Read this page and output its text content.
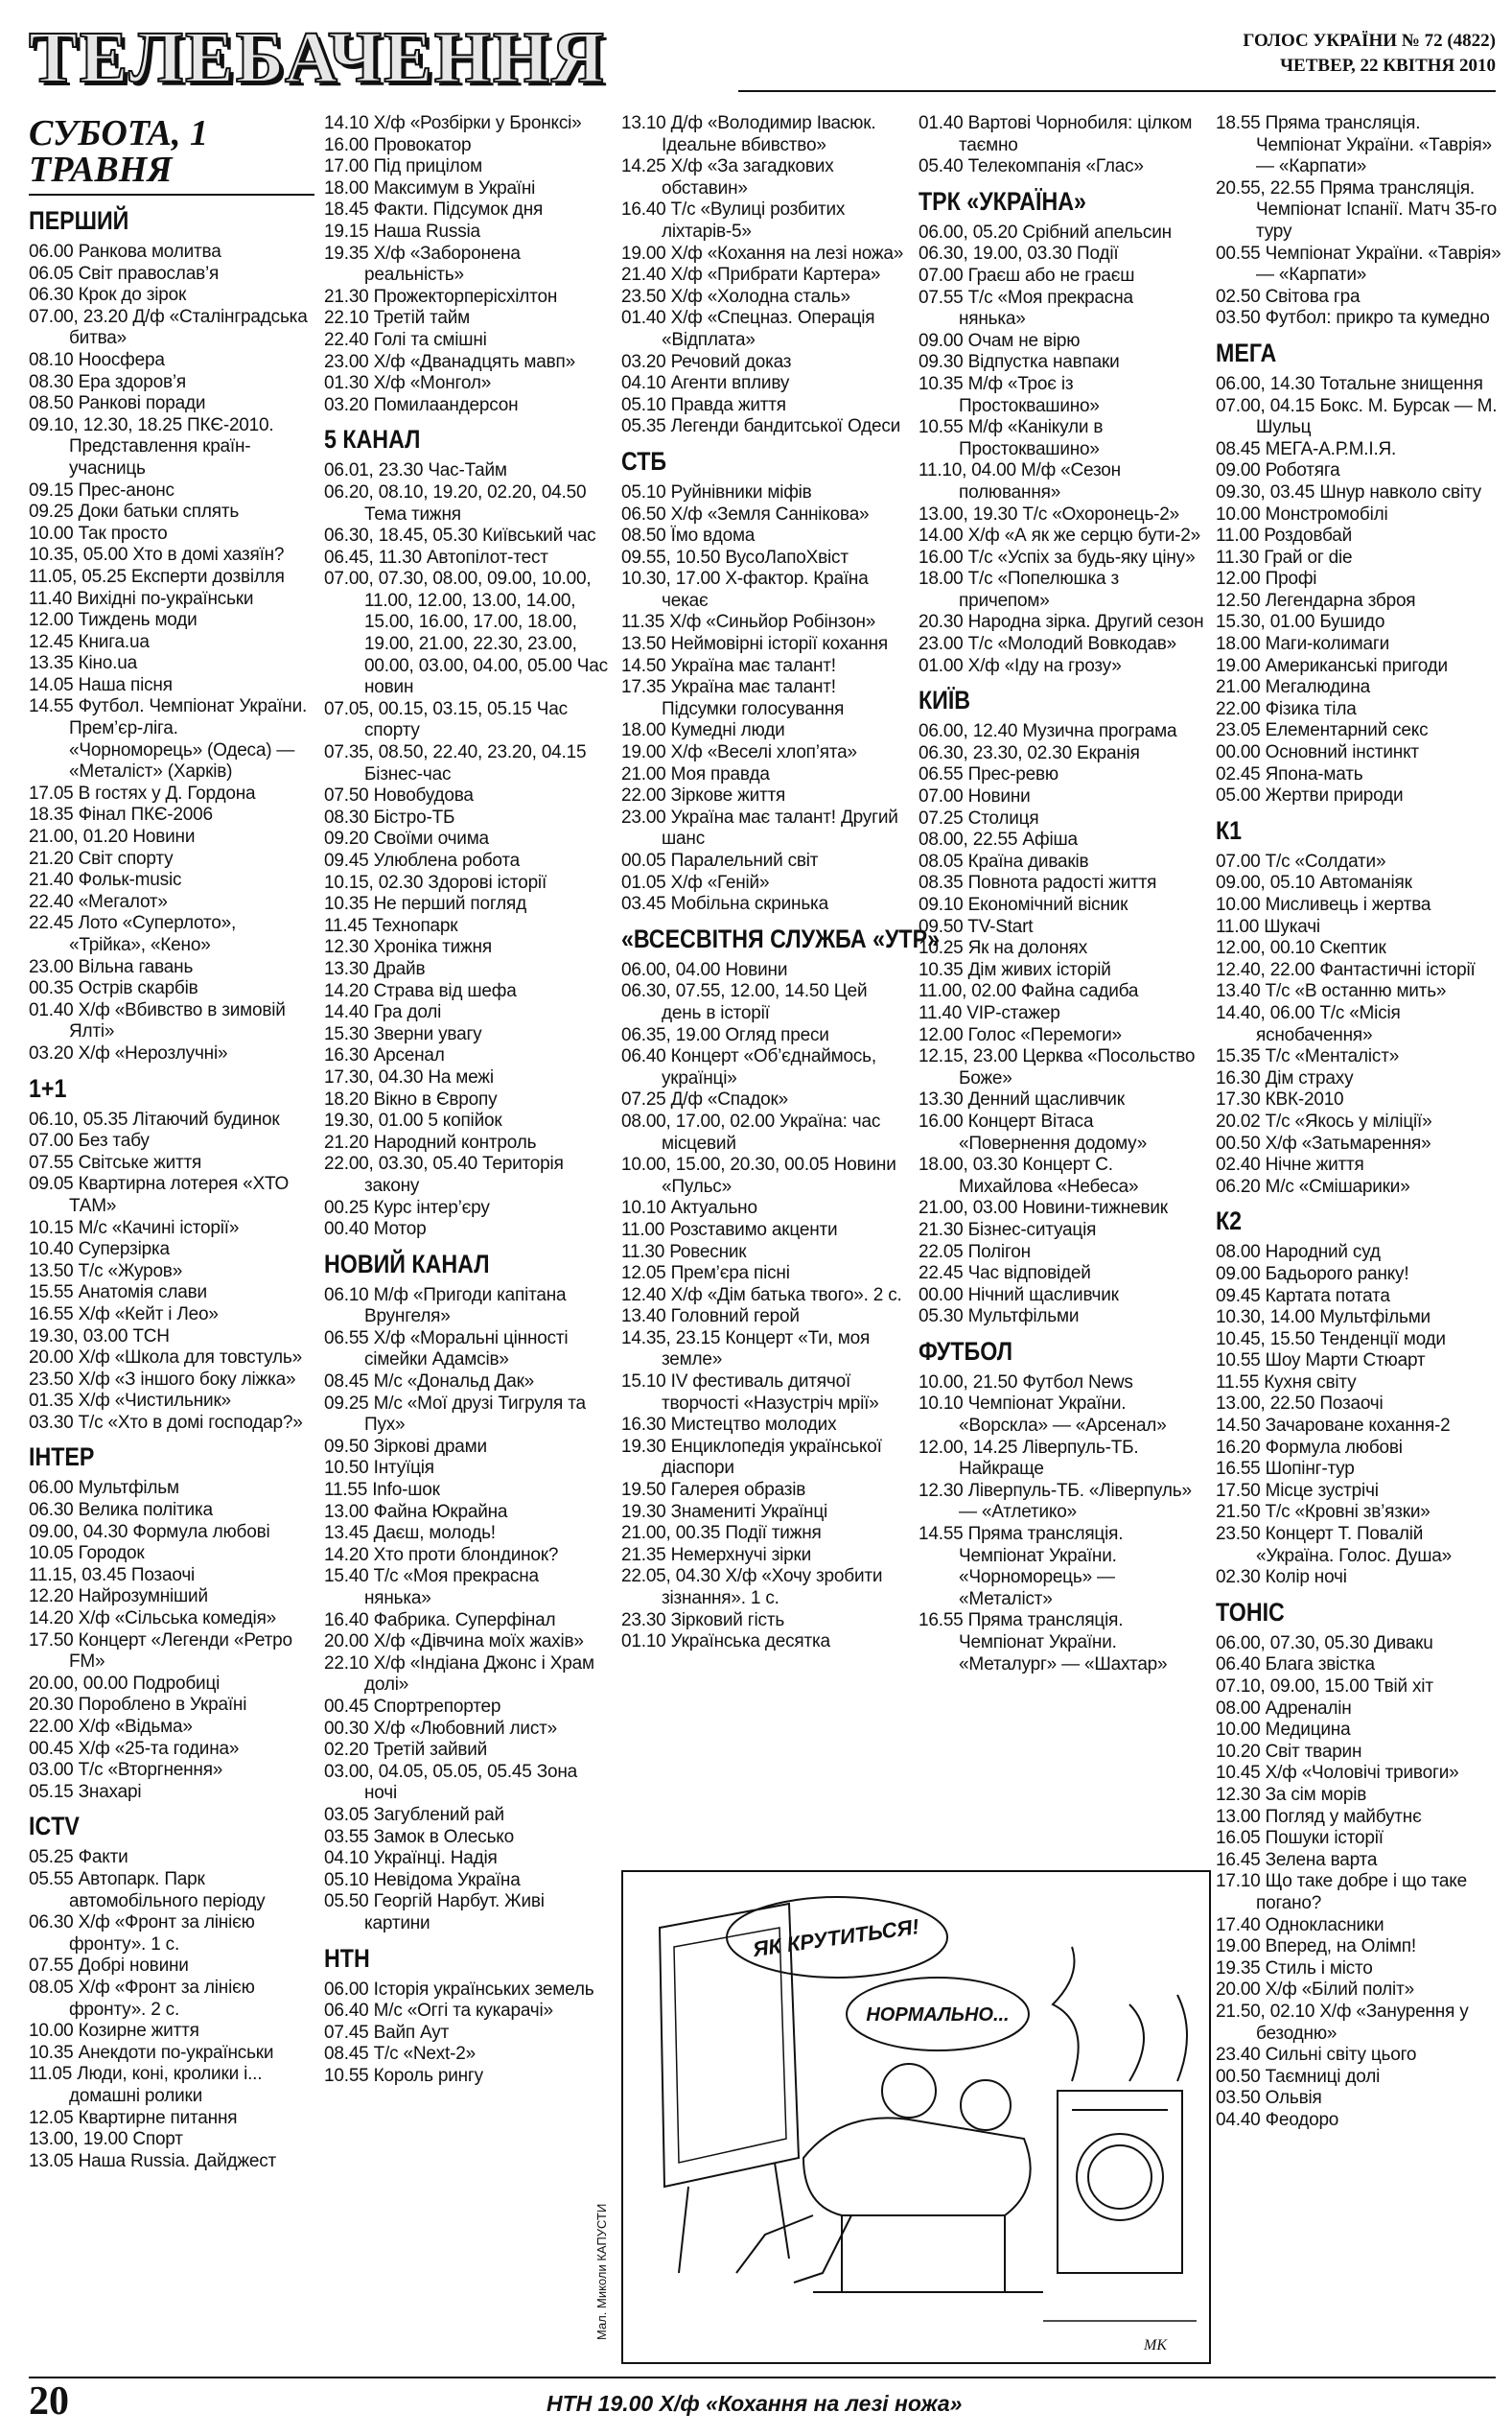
ТЕЛЕБАЧЕННЯ	ГОЛОС УКРАЇНИ № 72 (4822)
ЧЕТВЕР, 22 КВІТНЯ 2010
СУБОТА, 1 ТРАВНЯ
ПЕРШИЙ
06.00 Ранкова молитва
06.05 Світ православ’я
06.30 Крок до зірок
07.00, 23.20 Д/ф «Сталінградська битва»
08.10 Ноосфера
08.30 Ера здоров’я
08.50 Ранкові поради
09.10, 12.30, 18.25 ПКЄ-2010. Представлення країн-учасниць
09.15 Прес-анонс
09.25 Доки батьки сплять
10.00 Так просто
10.35, 05.00 Хто в домі хазяїн?
11.05, 05.25 Експерти дозвілля
11.40 Вихідні по-українськи
12.00 Тиждень моди
12.45 Книга.ua
13.35 Кіно.ua
14.05 Наша пісня
14.55 Футбол. Чемпіонат України. Прем’єр-ліга. «Чорноморець» (Одеса) — «Металіст» (Харків)
17.05 В гостях у Д. Гордона
18.35 Фінал ПКЄ-2006
21.00, 01.20 Новини
21.20 Світ спорту
21.40 Фольк-music
22.40 «Мегалот»
22.45 Лото «Суперлото», «Трійка», «Кено»
23.00 Вільна гавань
00.35 Острів скарбів
01.40 Х/ф «Вбивство в зимовій Ялті»
03.20 Х/ф «Нерозлучні»
1+1
06.10, 05.35 Літаючий будинок
07.00 Без табу
07.55 Світське життя
09.05 Квартирна лотерея «ХТО ТАМ»
10.15 М/с «Качині історії»
10.40 Суперзірка
13.50 Т/с «Журов»
15.55 Анатомія слави
16.55 Х/ф «Кейт і Лео»
19.30, 03.00 ТСН
20.00 Х/ф «Школа для товстуль»
23.50 Х/ф «З іншого боку ліжка»
01.35 Х/ф «Чистильник»
03.30 Т/с «Хто в домі господар?»
ІНТЕР
06.00 Мультфільм
06.30 Велика політика
09.00, 04.30 Формула любові
10.05 Городок
11.15, 03.45 Позаочі
12.20 Найрозумніший
14.20 Х/ф «Сільська комедія»
17.50 Концерт «Легенди «Ретро FM»
20.00, 00.00 Подробиці
20.30 Пороблено в Україні
22.00 Х/ф «Відьма»
00.45 Х/ф «25-та година»
03.00 Т/с «Вторгнення»
05.15 Знахарі
ICTV
05.25 Факти
05.55 Автопарк. Парк автомобільного періоду
06.30 Х/ф «Фронт за лінією фронту». 1 с.
07.55 Добрі новини
08.05 Х/ф «Фронт за лінією фронту». 2 с.
10.00 Козирне життя
10.35 Анекдоти по-українськи
11.05 Люди, коні, кролики і... домашні ролики
12.05 Квартирне питання
13.00, 19.00 Спорт
13.05 Наша Russia. Дайджест
14.10 Х/ф «Розбірки у Бронксі»
16.00 Провокатор
17.00 Під прицілом
18.00 Максимум в Україні
18.45 Факти. Підсумок дня
19.15 Наша Russia
19.35 Х/ф «Заборонена реальність»
21.30 Прожекторперісхілтон
22.10 Третій тайм
22.40 Голі та смішні
23.00 Х/ф «Дванадцять мавп»
01.30 Х/ф «Монгол»
03.20 Помилаандерсон
5 КАНАЛ
06.01, 23.30 Час-Тайм
06.20, 08.10, 19.20, 02.20, 04.50 Тема тижня
06.30, 18.45, 05.30 Київський час
06.45, 11.30 Автопілот-тест
07.00, 07.30, 08.00, 09.00, 10.00, 11.00, 12.00, 13.00, 14.00, 15.00, 16.00, 17.00, 18.00, 19.00, 21.00, 22.30, 23.00, 00.00, 03.00, 04.00, 05.00 Час новин
07.05, 00.15, 03.15, 05.15 Час спорту
07.35, 08.50, 22.40, 23.20, 04.15 Бізнес-час
07.50 Новобудова
08.30 Бістро-ТБ
09.20 Своїми очима
09.45 Улюблена робота
10.15, 02.30 Здорові історії
10.35 Не перший погляд
11.45 Технопарк
12.30 Хроніка тижня
13.30 Драйв
14.20 Страва від шефа
14.40 Гра долі
15.30 Зверни увагу
16.30 Арсенал
17.30, 04.30 На межі
18.20 Вікно в Європу
19.30, 01.00 5 копійок
21.20 Народний контроль
22.00, 03.30, 05.40 Територія закону
00.25 Курс інтер’єру
00.40 Мотор
НОВИЙ КАНАЛ
06.10 М/ф «Пригоди капітана Врунгеля»
06.55 Х/ф «Моральні цінності сімейки Адамсів»
08.45 М/с «Дональд Дак»
09.25 М/с «Мої друзі Тигруля та Пух»
09.50 Зіркові драми
10.50 Інтуїція
11.55 Info-шок
13.00 Файна Юкрайна
13.45 Даєш, молодь!
14.20 Хто проти блондинок?
15.40 Т/с «Моя прекрасна нянька»
16.40 Фабрика. Суперфінал
20.00 Х/ф «Дівчина моїх жахів»
22.10 Х/ф «Індіана Джонс і Храм долі»
00.45 Спортрепортер
00.30 Х/ф «Любовний лист»
02.20 Третій зайвий
03.00, 04.05, 05.05, 05.45 Зона ночі
03.05 Загублений рай
03.55 Замок в Олесько
04.10 Українці. Надія
05.10 Невідома Україна
05.50 Георгій Нарбут. Живі картини
НТН
06.00 Історія українських земель
06.40 М/с «Оггі та кукарачі»
07.45 Вайп Аут
08.45 Т/с «Next-2»
10.55 Король рингу
13.10 Д/ф «Володимир Івасюк. Ідеальне вбивство»
14.25 Х/ф «За загадкових обставин»
16.40 Т/с «Вулиці розбитих ліхтарів-5»
19.00 Х/ф «Кохання на лезі ножа»
21.40 Х/ф «Прибрати Картера»
23.50 Х/ф «Холодна сталь»
01.40 Х/ф «Спецназ. Операція «Відплата»
03.20 Речовий доказ
04.10 Агенти впливу
05.10 Правда життя
05.35 Легенди бандитської Одеси
СТБ
05.10 Руйнівники міфів
06.50 Х/ф «Земля Саннікова»
08.50 Їмо вдома
09.55, 10.50 ВусоЛапоХвіст
10.30, 17.00 Х-фактор. Країна чекає
11.35 Х/ф «Синьйор Робінзон»
13.50 Неймовірні історії кохання
14.50 Україна має талант!
17.35 Україна має талант! Підсумки голосування
18.00 Кумедні люди
19.00 Х/ф «Веселі хлоп’ята»
21.00 Моя правда
22.00 Зіркове життя
23.00 Україна має талант! Другий шанс
00.05 Паралельний світ
01.05 Х/ф «Геній»
03.45 Мобільна скринька
«ВСЕСВІТНЯ СЛУЖБА «УТР»
06.00, 04.00 Новини
06.30, 07.55, 12.00, 14.50 Цей день в історії
06.35, 19.00 Огляд преси
06.40 Концерт «Об’єднаймось, українці»
07.25 Д/ф «Спадок»
08.00, 17.00, 02.00 Україна: час місцевий
10.00, 15.00, 20.30, 00.05 Новини «Пульс»
10.10 Актуально
11.00 Розставимо акценти
11.30 Ровесник
12.05 Прем’єра пісні
12.40 Х/ф «Дім батька твого». 2 с.
13.40 Головний герой
14.35, 23.15 Концерт «Ти, моя земле»
15.10 IV фестиваль дитячої творчості «Назустріч мрії»
16.30 Мистецтво молодих
19.30 Енциклопедія української діаспори
19.50 Галерея образів
19.30 Знамениті Українці
21.00, 00.35 Події тижня
21.35 Немерхнучі зірки
22.05, 04.30 Х/ф «Хочу зробити зізнання». 1 с.
23.30 Зірковий гість
01.10 Українська десятка
01.40 Вартові Чорнобиля: цілком таємно
05.40 Телекомпанія «Глас»
ТРК «УКРАЇНА»
06.00, 05.20 Срібний апельсин
06.30, 19.00, 03.30 Події
07.00 Граєш або не граєш
07.55 Т/с «Моя прекрасна нянька»
09.00 Очам не вірю
09.30 Відпустка навпаки
10.35 М/ф «Троє із Простоквашино»
10.55 М/ф «Канікули в Простоквашино»
11.10, 04.00 М/ф «Сезон полювання»
13.00, 19.30 Т/с «Охоронець-2»
14.00 Х/ф «А як же серцю бути-2»
16.00 Т/с «Успіх за будь-яку ціну»
18.00 Т/с «Попелюшка з причепом»
20.30 Народна зірка. Другий сезон
23.00 Т/с «Молодий Вовкодав»
01.00 Х/ф «Іду на грозу»
КИЇВ
06.00, 12.40 Музична програма
06.30, 23.30, 02.30 Екранія
06.55 Прес-ревю
07.00 Новини
07.25 Столиця
08.00, 22.55 Афіша
08.05 Країна диваків
08.35 Повнота радості життя
09.10 Економічний вісник
09.50 TV-Start
10.25 Як на долонях
10.35 Дім живих історій
11.00, 02.00 Файна садиба
11.40 VIP-стажер
12.00 Голос «Перемоги»
12.15, 23.00 Церква «Посольство Боже»
13.30 Денний щасливчик
16.00 Концерт Вітаса «Повернення додому»
18.00, 03.30 Концерт С. Михайлова «Небеса»
21.00, 03.00 Новини-тижневик
21.30 Бізнес-ситуація
22.05 Полігон
22.45 Час відповідей
00.00 Нічний щасливчик
05.30 Мультфільми
ФУТБОЛ
10.00, 21.50 Футбол News
10.10 Чемпіонат України. «Ворскла» — «Арсенал»
12.00, 14.25 Ліверпуль-ТБ. Найкраще
12.30 Ліверпуль-ТБ. «Ліверпуль» — «Атлетико»
14.55 Пряма трансляція. Чемпіонат України. «Чорноморець» — «Металіст»
16.55 Пряма трансляція. Чемпіонат України. «Металург» — «Шахтар»
18.55 Пряма трансляція. Чемпіонат України. «Таврія» — «Карпати»
20.55, 22.55 Пряма трансляція. Чемпіонат Іспанії. Матч 35-го туру
00.55 Чемпіонат України. «Таврія» — «Карпати»
02.50 Світова гра
03.50 Футбол: прикро та кумедно
МЕГА
06.00, 14.30 Тотальне знищення
07.00, 04.15 Бокс. М. Бурсак — М. Шульц
08.45 МЕГА-А.Р.М.І.Я.
09.00 Роботяга
09.30, 03.45 Шнур навколо світу
10.00 Монстромобілі
11.00 Роздовбай
11.30 Грай ог die
12.00 Профі
12.50 Легендарна зброя
15.30, 01.00 Бушидо
18.00 Маги-колимаги
19.00 Американські пригоди
21.00 Мегалюдина
22.00 Фізика тіла
23.05 Елементарний секс
00.00 Основний інстинкт
02.45 Япона-мать
05.00 Жертви природи
К1
07.00 Т/с «Солдати»
09.00, 05.10 Автоманіяк
10.00 Мисливець і жертва
11.00 Шукачі
12.00, 00.10 Скептик
12.40, 22.00 Фантастичні історії
13.40 Т/с «В останню мить»
14.40, 06.00 Т/с «Місія яснобачення»
15.35 Т/с «Менталіст»
16.30 Дім страху
17.30 КВК-2010
20.02 Т/с «Якось у міліції»
00.50 Х/ф «Затьмарення»
02.40 Нічне життя
06.20 М/с «Смішарики»
К2
08.00 Народний суд
09.00 Бадьорого ранку!
09.45 Картата потата
10.30, 14.00 Мультфільми
10.45, 15.50 Тенденції моди
10.55 Шоу Марти Стюарт
11.55 Кухня світу
13.00, 22.50 Позаочі
14.50 Зачароване кохання-2
16.20 Формула любові
16.55 Шопінг-тур
17.50 Місце зустрічі
21.50 Т/с «Кровні зв’язки»
23.50 Концерт Т. Повалій «Україна. Голос. Душа»
02.30 Колір ночі
TOHIC
06.00, 07.30, 05.30 Дивакu
06.40 Блага звістка
07.10, 09.00, 15.00 Твій хіт
08.00 Адреналін
10.00 Медицина
10.20 Світ тварин
10.45 Х/ф «Чоловічі тривоги»
12.30 За сім морів
13.00 Погляд у майбутнє
16.05 Пошуки історії
16.45 Зелена варта
17.10 Що таке добре і що таке погано?
17.40 Однокласники
19.00 Вперед, на Олімп!
19.35 Стиль і місто
20.00 Х/ф «Білий політ»
21.50, 02.10 Х/ф «Занурення у безодню»
23.40 Сильні світу цього
00.50 Таємниці долі
03.50 Ольвія
04.40 Феодоро
ЯК КРУТИТЬСЯ!
НОРМАЛЬНО...
МК
Мал. Миколи КАПУСТИ
20	НТН 19.00 Х/ф «Кохання на лезі ножа»
